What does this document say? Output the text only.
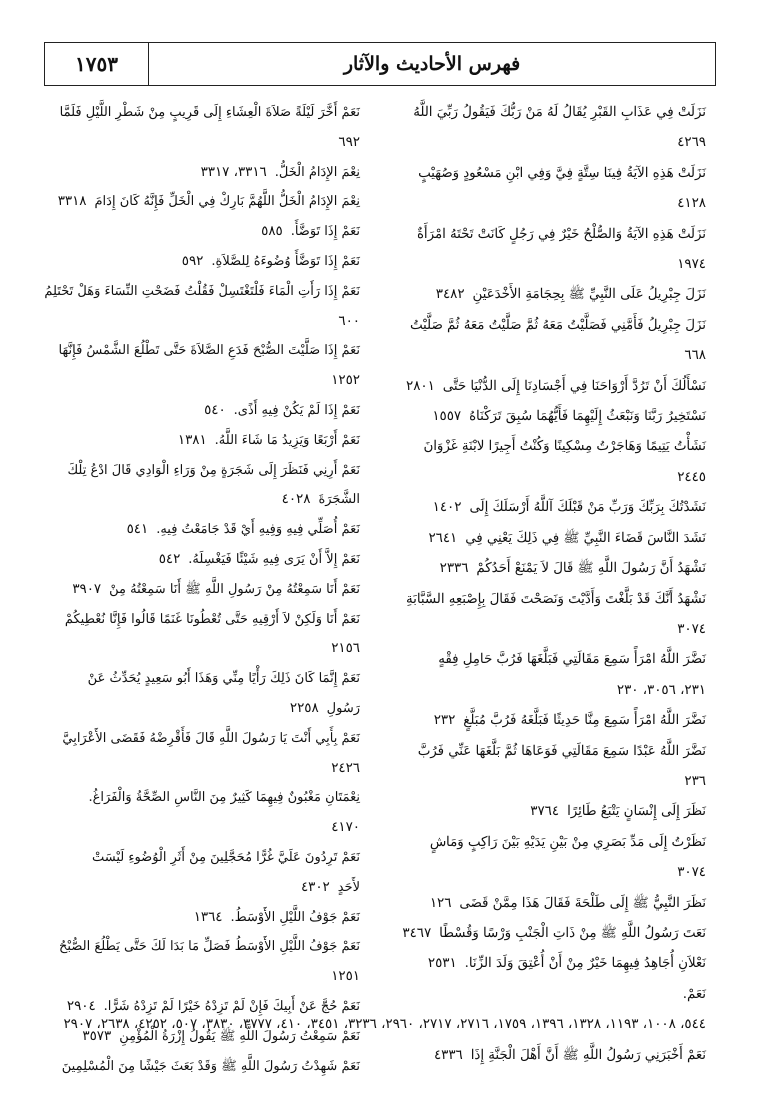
١٧٥٣	فهرس الأحاديث والآثار
نَزَلَتْ فِي عَذَابِ القَبْرِ يُقَالُ لَهُ مَنْ رَبُّكَ فَيَقُولُ رَبِّيَ اللَّهُ
٤٢٦٩
نَزَلَتْ هَذِهِ الآيَةُ فِينَا سِتَّةٍ فِيَّ وَفِي ابْنِ مَسْعُودٍ وَصُهَيْبٍ
٤١٢٨
نَزَلَتْ هَذِهِ الآيَةُ وَالصُّلْحُ خَيْرٌ فِي رَجُلٍ كَانَتْ تَحْتَهُ امْرَأَةٌ
١٩٧٤
نَزَلَ جِبْرِيلُ عَلَى النَّبِيِّ ﷺ بِحِجَامَةِ الأَخْدَعَيْنِ٣٤٨٢
نَزَلَ جِبْرِيلُ فَأَمَّنِي فَصَلَّيْتُ مَعَهُ ثُمَّ صَلَّيْتُ مَعَهُ ثُمَّ صَلَّيْتُ
٦٦٨
نَسْأَلُكَ أَنْ تَرُدَّ أَرْوَاحَنَا فِي أَجْسَادِنَا إِلَى الدُّنْيَا حَتَّى٢٨٠١
نَسْتَخِيرُ رَبَّنَا وَنَبْعَثُ إِلَيْهِمَا فَأَيُّهُمَا سُبِقَ تَرَكْنَاهُ١٥٥٧
نَشَأْتُ يَتِيمًا وَهَاجَرْتُ مِسْكِينًا وَكُنْتُ أَجِيرًا لابْنَةِ غَزْوَانَ
٢٤٤٥
نَشَدْتُكَ بِرَبِّكَ وَرَبِّ مَنْ قَبْلَكَ آللَّهُ أَرْسَلَكَ إِلَى١٤٠٢
نَشَدَ النَّاسَ قَضَاءَ النَّبِيِّ ﷺ فِي ذَلِكَ يَعْنِي فِي٢٦٤١
نَشْهَدُ أَنَّ رَسُولَ اللَّهِ ﷺ قَالَ لاَ يَمْنَعْ أَحَدُكُمْ٢٣٣٦
نَشْهَدُ أَنَّكَ قَدْ بَلَّغْتَ وَأَدَّيْتَ وَنَصَحْتَ فَقَالَ بِإِصْبَعِهِ السَّبَّابَةِ
٣٠٧٤
نَضَّرَ اللَّهُ امْرَأً سَمِعَ مَقَالَتِي فَبَلَّغَهَا فَرُبَّ حَامِلِ فِقْهٍ
٢٣١، ٣٠٥٦، ٢٣٠
نَضَّرَ اللَّهُ امْرَأً سَمِعَ مِنَّا حَدِيثًا فَبَلَّغَهُ فَرُبَّ مُبَلَّغٍ٢٣٢
نَضَّرَ اللَّهُ عَبْدًا سَمِعَ مَقَالَتِي فَوَعَاهَا ثُمَّ بَلَّغَهَا عَنِّي فَرُبَّ
٢٣٦
نَظَرَ إِلَى إِنْسَانٍ يَتْبَعُ طَائِرًا٣٧٦٤
نَظَرْتُ إِلَى مَدِّ بَصَرِي مِنْ بَيْنِ يَدَيْهِ بَيْنَ رَاكِبٍ وَمَاشٍ
٣٠٧٤
نَظَرَ النَّبِيُّ ﷺ إِلَى طَلْحَةَ فَقَالَ هَذَا مِمَّنْ قَضَى١٢٦
نَعَتَ رَسُولُ اللَّهِ ﷺ مِنْ ذَاتِ الْجَنْبِ وَرْسًا وَقُسْطًا٣٤٦٧
نَعْلاَنِ أُجَاهِدُ فِيهِمَا خَيْرٌ مِنْ أَنْ أُعْتِقَ وَلَدَ الزِّنَا.٢٥٣١
نَعَمْ.
٥٤٤، ١٠٠٨، ١١٩٣، ١٣٢٨، ١٣٩٦، ١٧٥٩، ٢٧١٦، ٢٧١٧، ٢٩٦٠، ٣٢٣٦، ٣٤٥١، ٤١٠، ٣٧٧٧، ٣٨٣٠، ٥٠٧، ٤٢٥٢، ٢٦٣٨، ٢٩٠٧
نَعَمْ أَخْبَرَنِي رَسُولُ اللَّهِ ﷺ أَنَّ أَهْلَ الْجَنَّةِ إِذَا٤٣٣٦
نَعَمْ أَخَّرَ لَيْلَةً صَلاَةَ الْعِشَاءِ إِلَى قَرِيبٍ مِنْ شَطْرِ اللَّيْلِ فَلَمَّا
٦٩٢
نِعْمَ الإِدَامُ الْخَلُّ.٣٣١٦، ٣٣١٧
نِعْمَ الإِدَامُ الْخَلُّ اللَّهُمَّ بَارِكْ فِي الْخَلِّ فَإِنَّهُ كَانَ إِدَامَ٣٣١٨
نَعَمْ إِذَا تَوَضَّأَ.٥٨٥
نَعَمْ إِذَا تَوَضَّأَ وُضُوءَهُ لِلصَّلاَةِ.٥٩٢
نَعَمْ إِذَا رَأَتِ الْمَاءَ فَلْتَغْتَسِلْ فَقُلْتُ فَضَحْتِ النِّسَاءَ وَهَلْ تَحْتَلِمُ
٦٠٠
نَعَمْ إِذَا صَلَّيْتَ الصُّبْحَ فَدَعِ الصَّلاَةَ حَتَّى تَطْلُعَ الشَّمْسُ فَإِنَّهَا
١٢٥٢
نَعَمْ إِذَا لَمْ يَكُنْ فِيهِ أَذًى.٥٤٠
نَعَمْ أَرْبَعًا وَيَزِيدُ مَا شَاءَ اللَّهُ.١٣٨١
نَعَمْ أَرِنِي فَنَظَرَ إِلَى شَجَرَةٍ مِنْ وَرَاءِ الْوَادِي قَالَ ادْعُ تِلْكَ الشَّجَرَةَ٤٠٢٨
نَعَمْ أُصَلِّي فِيهِ وَفِيهِ أَيْ قَدْ جَامَعْتُ فِيهِ.٥٤١
نَعَمْ إِلاَّ أَنْ يَرَى فِيهِ شَيْئًا فَيَغْسِلَهُ.٥٤٢
نَعَمْ أَنَا سَمِعْتُهُ مِنْ رَسُولِ اللَّهِ ﷺ أَنَا سَمِعْتُهُ مِنْ٣٩٠٧
نَعَمْ أَنَا وَلَكِنْ لاَ أَرْقِيهِ حَتَّى تُعْطُونَا غَنَمًا قَالُوا فَإِنَّا نُعْطِيكُمْ
٢١٥٦
نَعَمْ إِنَّمَا كَانَ ذَلِكَ رَأْيًا مِنِّي وَهَذَا أَبُو سَعِيدٍ يُحَدِّثُ عَنْ رَسُولِ٢٢٥٨
نَعَمْ بِأَبِي أَنْتَ يَا رَسُولَ اللَّهِ قَالَ فَأَقْرِضْهُ فَقَضَى الأَعْرَابِيَّ
٢٤٢٦
نِعْمَتَانِ مَغْبُونٌ فِيهِمَا كَثِيرٌ مِنَ النَّاسِ الصِّحَّةُ وَالْفَرَاغُ.
٤١٧٠
نَعَمْ تَرِدُونَ عَلَيَّ غُرًّا مُحَجَّلِينَ مِنْ أَثَرِ الْوُضُوءِ لَيْسَتْ لأَحَدٍ٤٣٠٢
نَعَمْ جَوْفُ اللَّيْلِ الأَوْسَطُ.١٣٦٤
نَعَمْ جَوْفُ اللَّيْلِ الأَوْسَطُ فَصَلِّ مَا بَدَا لَكَ حَتَّى يَطْلُعَ الصُّبْحُ
١٢٥١
نَعَمْ حُجَّ عَنْ أَبِيكَ فَإِنْ لَمْ تَزِدْهُ خَيْرًا لَمْ تَزِدْهُ شَرًّا.٢٩٠٤
نَعَمْ سَمِعْتُ رَسُولَ اللَّهِ ﷺ يَقُولُ إِزْرَةُ الْمُؤْمِنِ٣٥٧٣
نَعَمْ شَهِدْتُ رَسُولَ اللَّهِ ﷺ وَقَدْ بَعَثَ جَيْشًا مِنَ الْمُسْلِمِينَ
